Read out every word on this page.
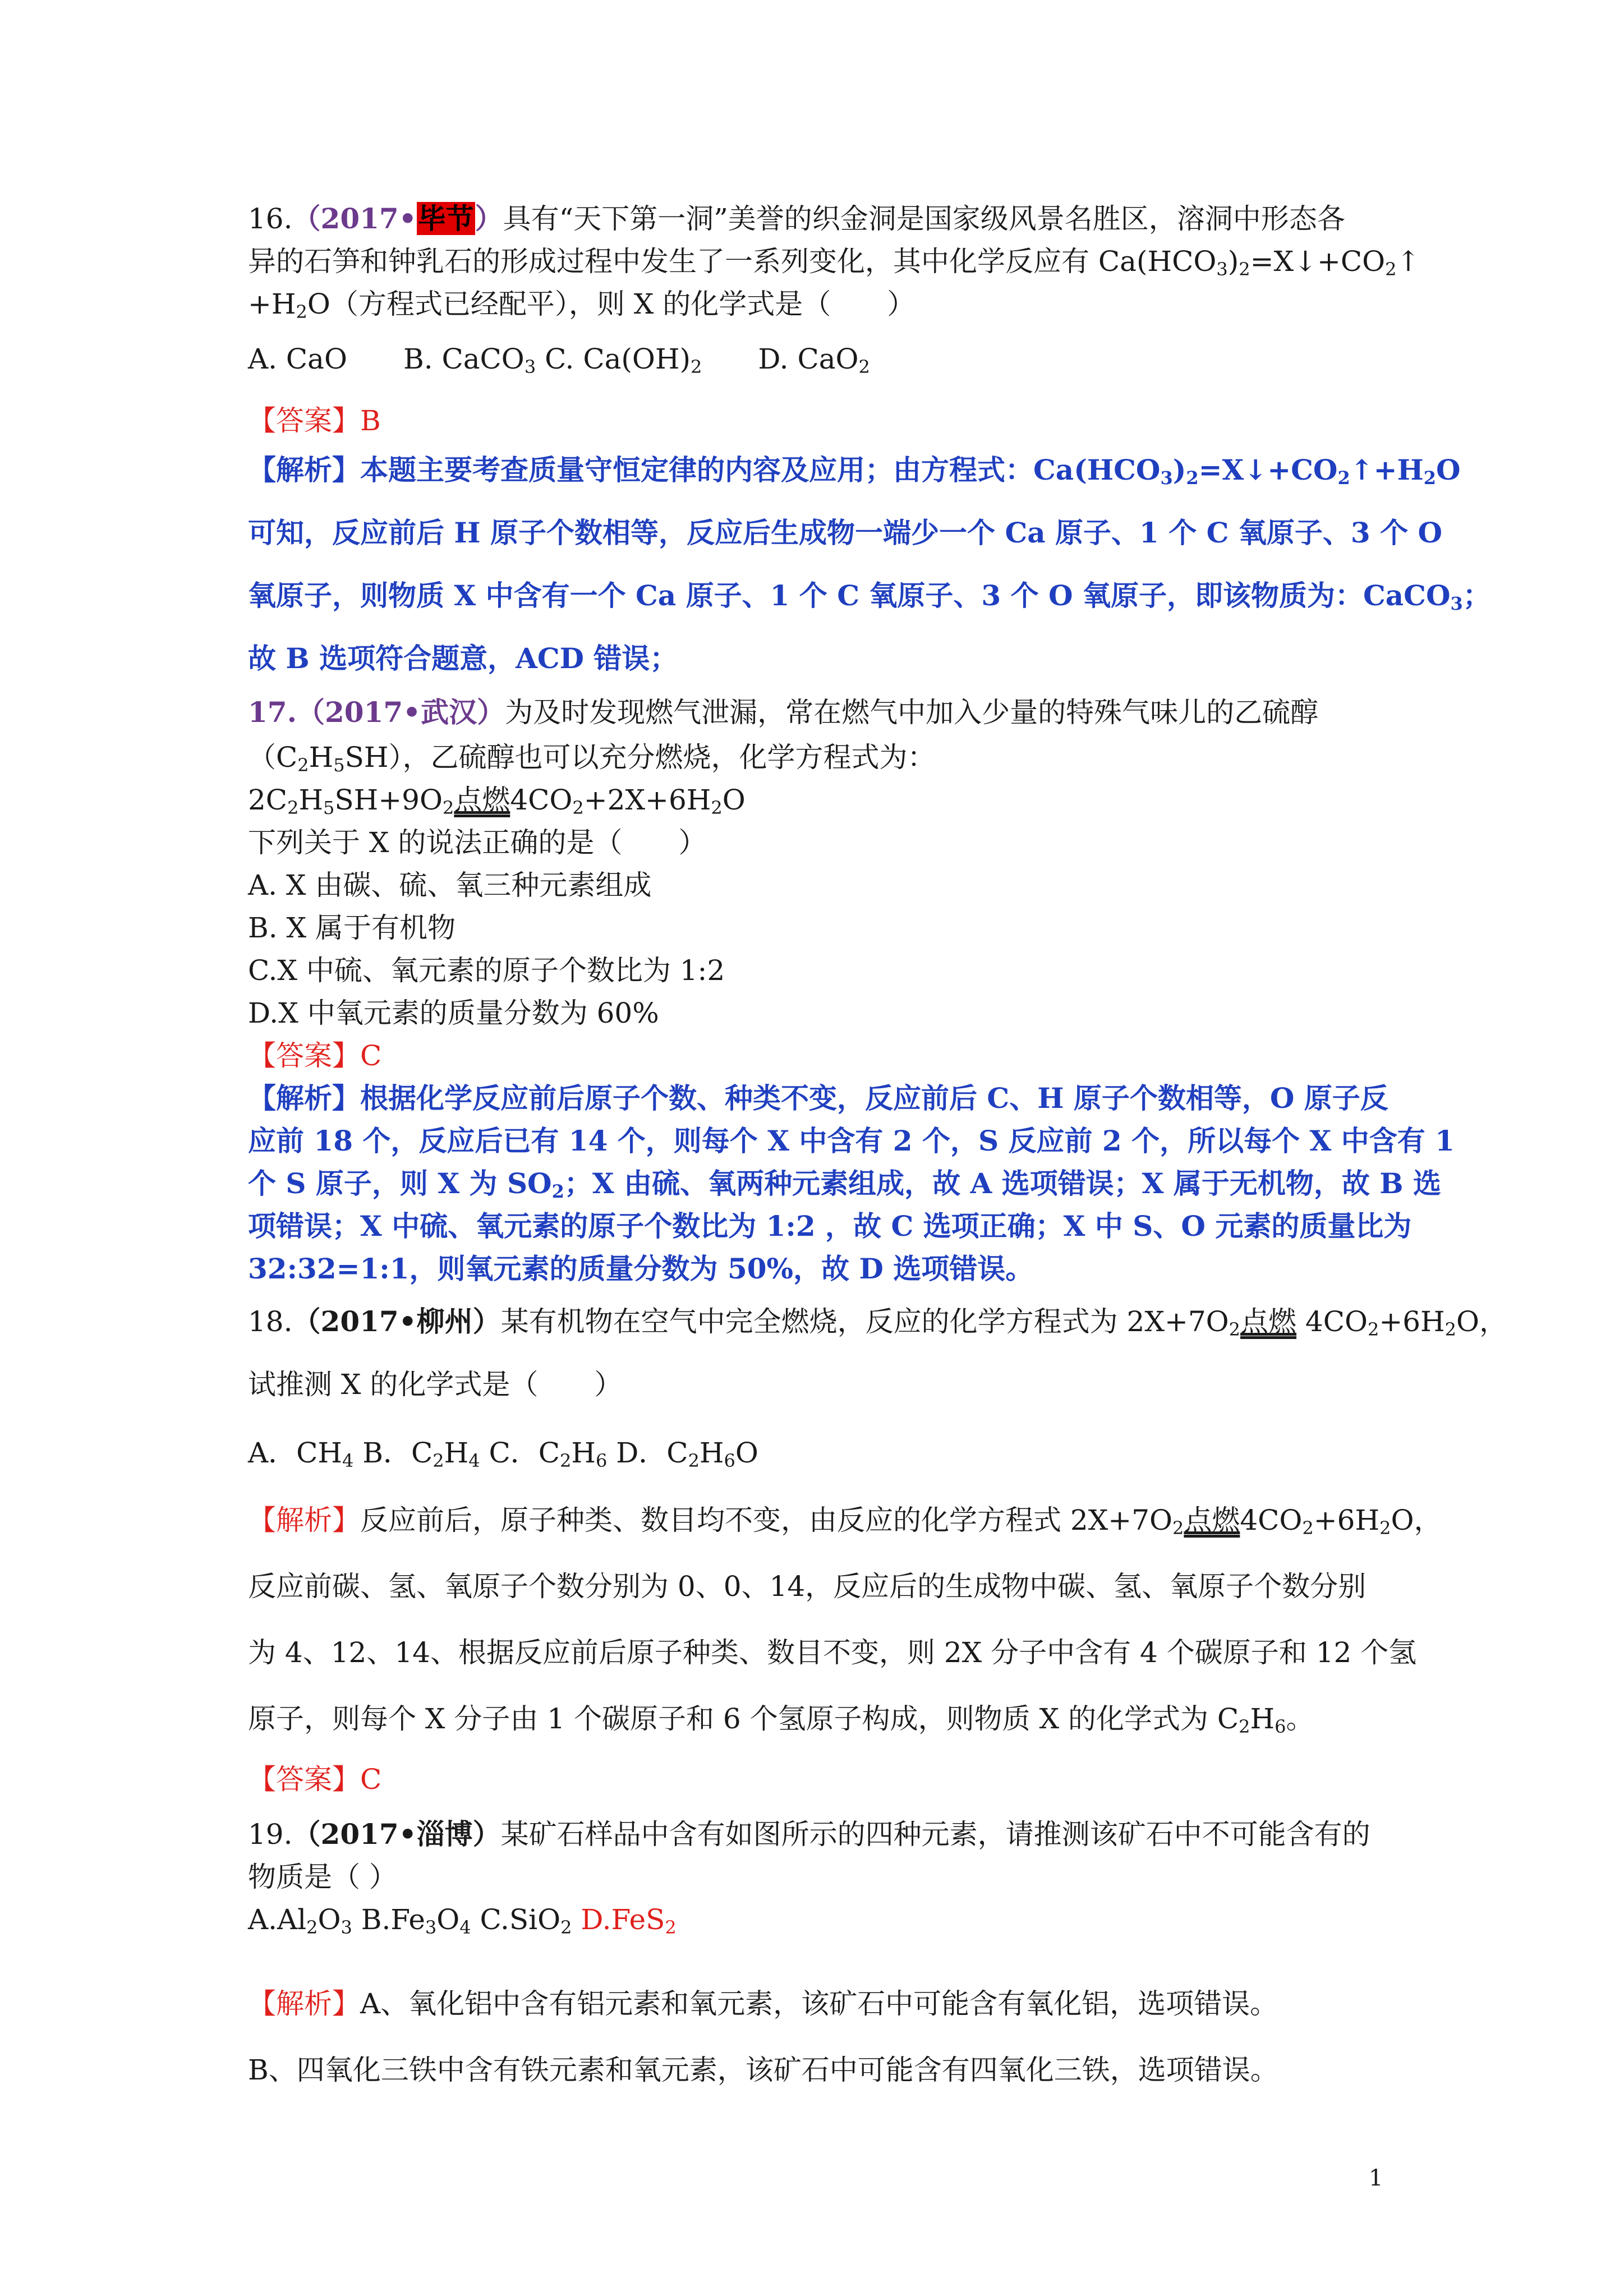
16.（2017•毕节）具有“天下第一洞”美誉的织金洞是国家级风景名胜区，溶洞中形态各
异的石笋和钟乳石的形成过程中发生了一系列变化，其中化学反应有 $Ca(HCO_3)_2=X↓+CO_2↑$
$+H_2O$（方程式已经配平），则 X 的化学式是（　　）
A. CaO　　B. CaCO$_3$ C. $Ca(OH)_2$　　D. CaO$_2$
【答案】B
【解析】本题主要考查质量守恒定律的内容及应用；由方程式：$Ca(HCO_3)_2=X↓+CO_2↑+H_2O$
可知，反应前后 H 原子个数相等，反应后生成物一端少一个 Ca 原子、1 个 C 氧原子、3 个 O
氧原子，则物质 X 中含有一个 Ca 原子、1 个 C 氧原子、3 个 O 氧原子，即该物质为：CaCO$_3$；
故 B 选项符合题意，ACD 错误；
17.（2017•武汉）为及时发现燃气泄漏，常在燃气中加入少量的特殊气味儿的乙硫醇
$(C_2H_5SH)$，乙硫醇也可以充分燃烧，化学方程式为：
$2C_2H_5SH+9O_2$点燃$4CO_2+2X+6H_2O$
下列关于 X 的说法正确的是（　　）
A. X 由碳、硫、氧三种元素组成
B. X 属于有机物
C.X 中硫、氧元素的原子个数比为 1:2
D.X 中氧元素的质量分数为 60%
【答案】C
【解析】根据化学反应前后原子个数、种类不变，反应前后 C、H 原子个数相等，O 原子反
应前 18 个，反应后已有 14 个，则每个 X 中含有 2 个，S 反应前 2 个，所以每个 X 中含有 1
个 S 原子，则 X 为 $SO_2$；X 由硫、氧两种元素组成，故 A 选项错误；X 属于无机物，故 B 选
项错误；X 中硫、氧元素的原子个数比为 1:2 ，故 C 选项正确；X 中 S、O 元素的质量比为
32:32=1:1，则氧元素的质量分数为 50%，故 D 选项错误。
18.（2017•柳州）某有机物在空气中完全燃烧，反应的化学方程式为 $2X+7O_2$点燃 $4CO_2+6H_2O$，
试推测 X 的化学式是（　　）
A．$CH_4$ B．$C_2H_4$ C．$C_2H_6$ D．$C_2H_6O$
【解析】反应前后，原子种类、数目均不变，由反应的化学方程式 $2X+7O_2$点燃$4CO_2+6H_2O$，
反应前碳、氢、氧原子个数分别为 0、0、14，反应后的生成物中碳、氢、氧原子个数分别
为 4、12、14、根据反应前后原子种类、数目不变，则 2X 分子中含有 4 个碳原子和 12 个氢
原子，则每个 X 分子由 1 个碳原子和 6 个氢原子构成，则物质 X 的化学式为 $C_2H_6$。
【答案】C
19.（2017•淄博）某矿石样品中含有如图所示的四种元素，请推测该矿石中不可能含有的
物质是（ ）
$A.Al_2O_3$ $B.Fe_3O_4$ C.SiO$_2$ D.FeS$_2$
【解析】A、氧化铝中含有铝元素和氧元素，该矿石中可能含有氧化铝，选项错误。
B、四氧化三铁中含有铁元素和氧元素，该矿石中可能含有四氧化三铁，选项错误。
1
